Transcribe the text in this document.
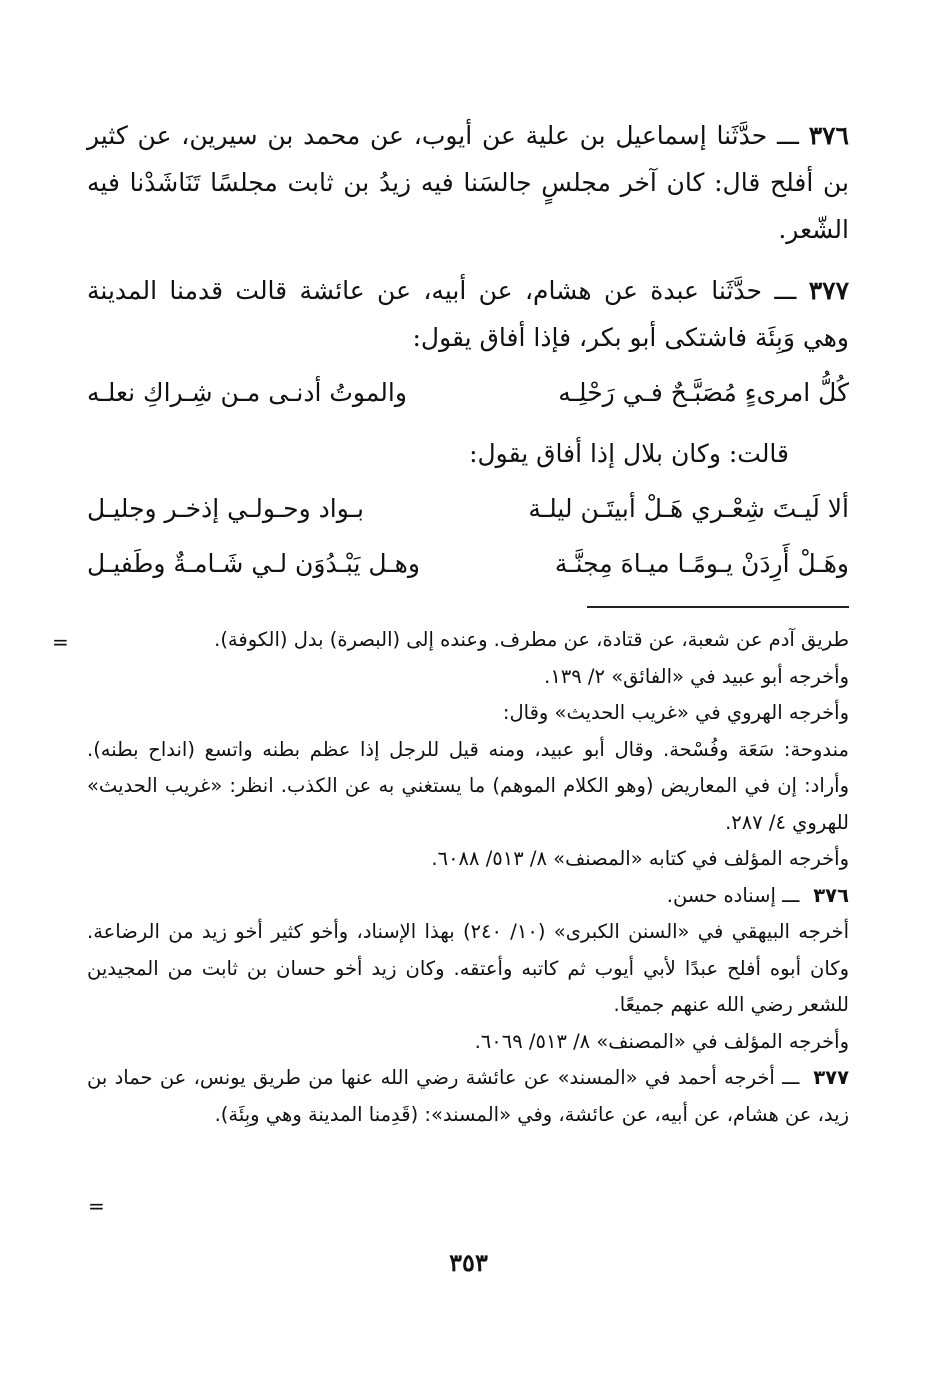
٣٧٦ ـــ حدَّثَنا إسماعيل بن علية عن أيوب، عن محمد بن سيرين، عن كثير بن أفلح قال: كان آخر مجلسٍ جالسَنا فيه زيدُ بن ثابت مجلسًا تَنَاشَدْنا فيه الشّعر.

٣٧٧ ـــ حدَّثَنا عبدة عن هشام، عن أبيه، عن عائشة قالت قدمنا المدينة وهي وَبِئَة فاشتكى أبو بكر، فإذا أفاق يقول:

كُلُّ امرىءٍ مُصَبَّـحٌ فـي رَحْلِـه
والموتُ أدنـى مـن شِـراكِ نعلـه
قالت: وكان بلال إذا أفاق يقول:
ألا لَيـتَ شِعْـري هَـلْ أبيتَـن ليلـة
بـواد وحـولـي إذخـر وجليـل
وهَـلْ أَرِدَنْ يـومًـا ميـاهَ مِجنَّـة
وهـل يَبْـدُوَن لـي شَـامـةٌ وطَفيـل
=	طريق آدم عن شعبة، عن قتادة، عن مطرف. وعنده إلى (البصرة) بدل (الكوفة).

وأخرجه أبو عبيد في «الفائق» ٢/ ١٣٩.

وأخرجه الهروي في «غريب الحديث» وقال:

مندوحة: سَعَة وفُسْحة. وقال أبو عبيد، ومنه قيل للرجل إذا عظم بطنه واتسع (انداح بطنه). وأراد: إن في المعاريض (وهو الكلام الموهم) ما يستغني به عن الكذب. انظر: «غريب الحديث» للهروي ٤/ ٢٨٧.

وأخرجه المؤلف في كتابه «المصنف» ٨/ ٥١٣/ ٦٠٨٨.

٣٧٦ـــ إسناده حسن.

أخرجه البيهقي في «السنن الكبرى» (١٠/ ٢٤٠) بهذا الإسناد، وأخو كثير أخو زيد من الرضاعة. وكان أبوه أفلح عبدًا لأبي أيوب ثم كاتبه وأعتقه. وكان زيد أخو حسان بن ثابت من المجيدين للشعر رضي الله عنهم جميعًا.

وأخرجه المؤلف في «المصنف» ٨/ ٥١٣/ ٦٠٦٩.

٣٧٧ـــ أخرجه أحمد في «المسند» عن عائشة رضي الله عنها من طريق يونس، عن حماد بن زيد، عن هشام، عن أبيه، عن عائشة، وفي «المسند»: (قَدِمنا المدينة وهي وبِئَة).

=
٣٥٣
